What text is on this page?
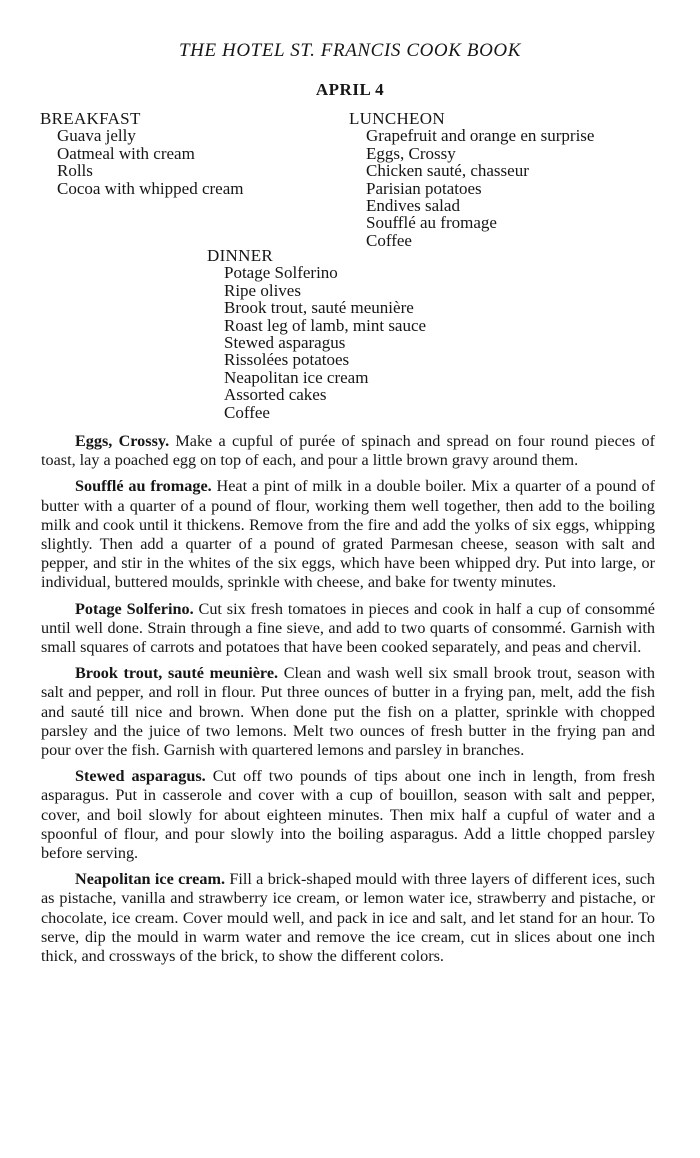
THE HOTEL ST. FRANCIS COOK BOOK
APRIL 4
BREAKFAST
Guava jelly
Oatmeal with cream
Rolls
Cocoa with whipped cream
LUNCHEON
Grapefruit and orange en surprise
Eggs, Crossy
Chicken sauté, chasseur
Parisian potatoes
Endives salad
Soufflé au fromage
Coffee
DINNER
Potage Solferino
Ripe olives
Brook trout, sauté meunière
Roast leg of lamb, mint sauce
Stewed asparagus
Rissolées potatoes
Neapolitan ice cream
Assorted cakes
Coffee

Eggs, Crossy. Make a cupful of purée of spinach and spread on four round pieces of toast, lay a poached egg on top of each, and pour a little brown gravy around them.

Soufflé au fromage. Heat a pint of milk in a double boiler. Mix a quarter of a pound of butter with a quarter of a pound of flour, working them well together, then add to the boiling milk and cook until it thickens. Remove from the fire and add the yolks of six eggs, whipping slightly. Then add a quarter of a pound of grated Parmesan cheese, season with salt and pepper, and stir in the whites of the six eggs, which have been whipped dry. Put into large, or individual, buttered moulds, sprinkle with cheese, and bake for twenty minutes.

Potage Solferino. Cut six fresh tomatoes in pieces and cook in half a cup of consommé until well done. Strain through a fine sieve, and add to two quarts of consommé. Garnish with small squares of carrots and potatoes that have been cooked separately, and peas and chervil.

Brook trout, sauté meunière. Clean and wash well six small brook trout, season with salt and pepper, and roll in flour. Put three ounces of butter in a frying pan, melt, add the fish and sauté till nice and brown. When done put the fish on a platter, sprinkle with chopped parsley and the juice of two lemons. Melt two ounces of fresh butter in the frying pan and pour over the fish. Garnish with quartered lemons and parsley in branches.

Stewed asparagus. Cut off two pounds of tips about one inch in length, from fresh asparagus. Put in casserole and cover with a cup of bouillon, season with salt and pepper, cover, and boil slowly for about eighteen minutes. Then mix half a cupful of water and a spoonful of flour, and pour slowly into the boiling asparagus. Add a little chopped parsley before serving.

Neapolitan ice cream. Fill a brick-shaped mould with three layers of different ices, such as pistache, vanilla and strawberry ice cream, or lemon water ice, strawberry and pistache, or chocolate, ice cream. Cover mould well, and pack in ice and salt, and let stand for an hour. To serve, dip the mould in warm water and remove the ice cream, cut in slices about one inch thick, and crossways of the brick, to show the different colors.
